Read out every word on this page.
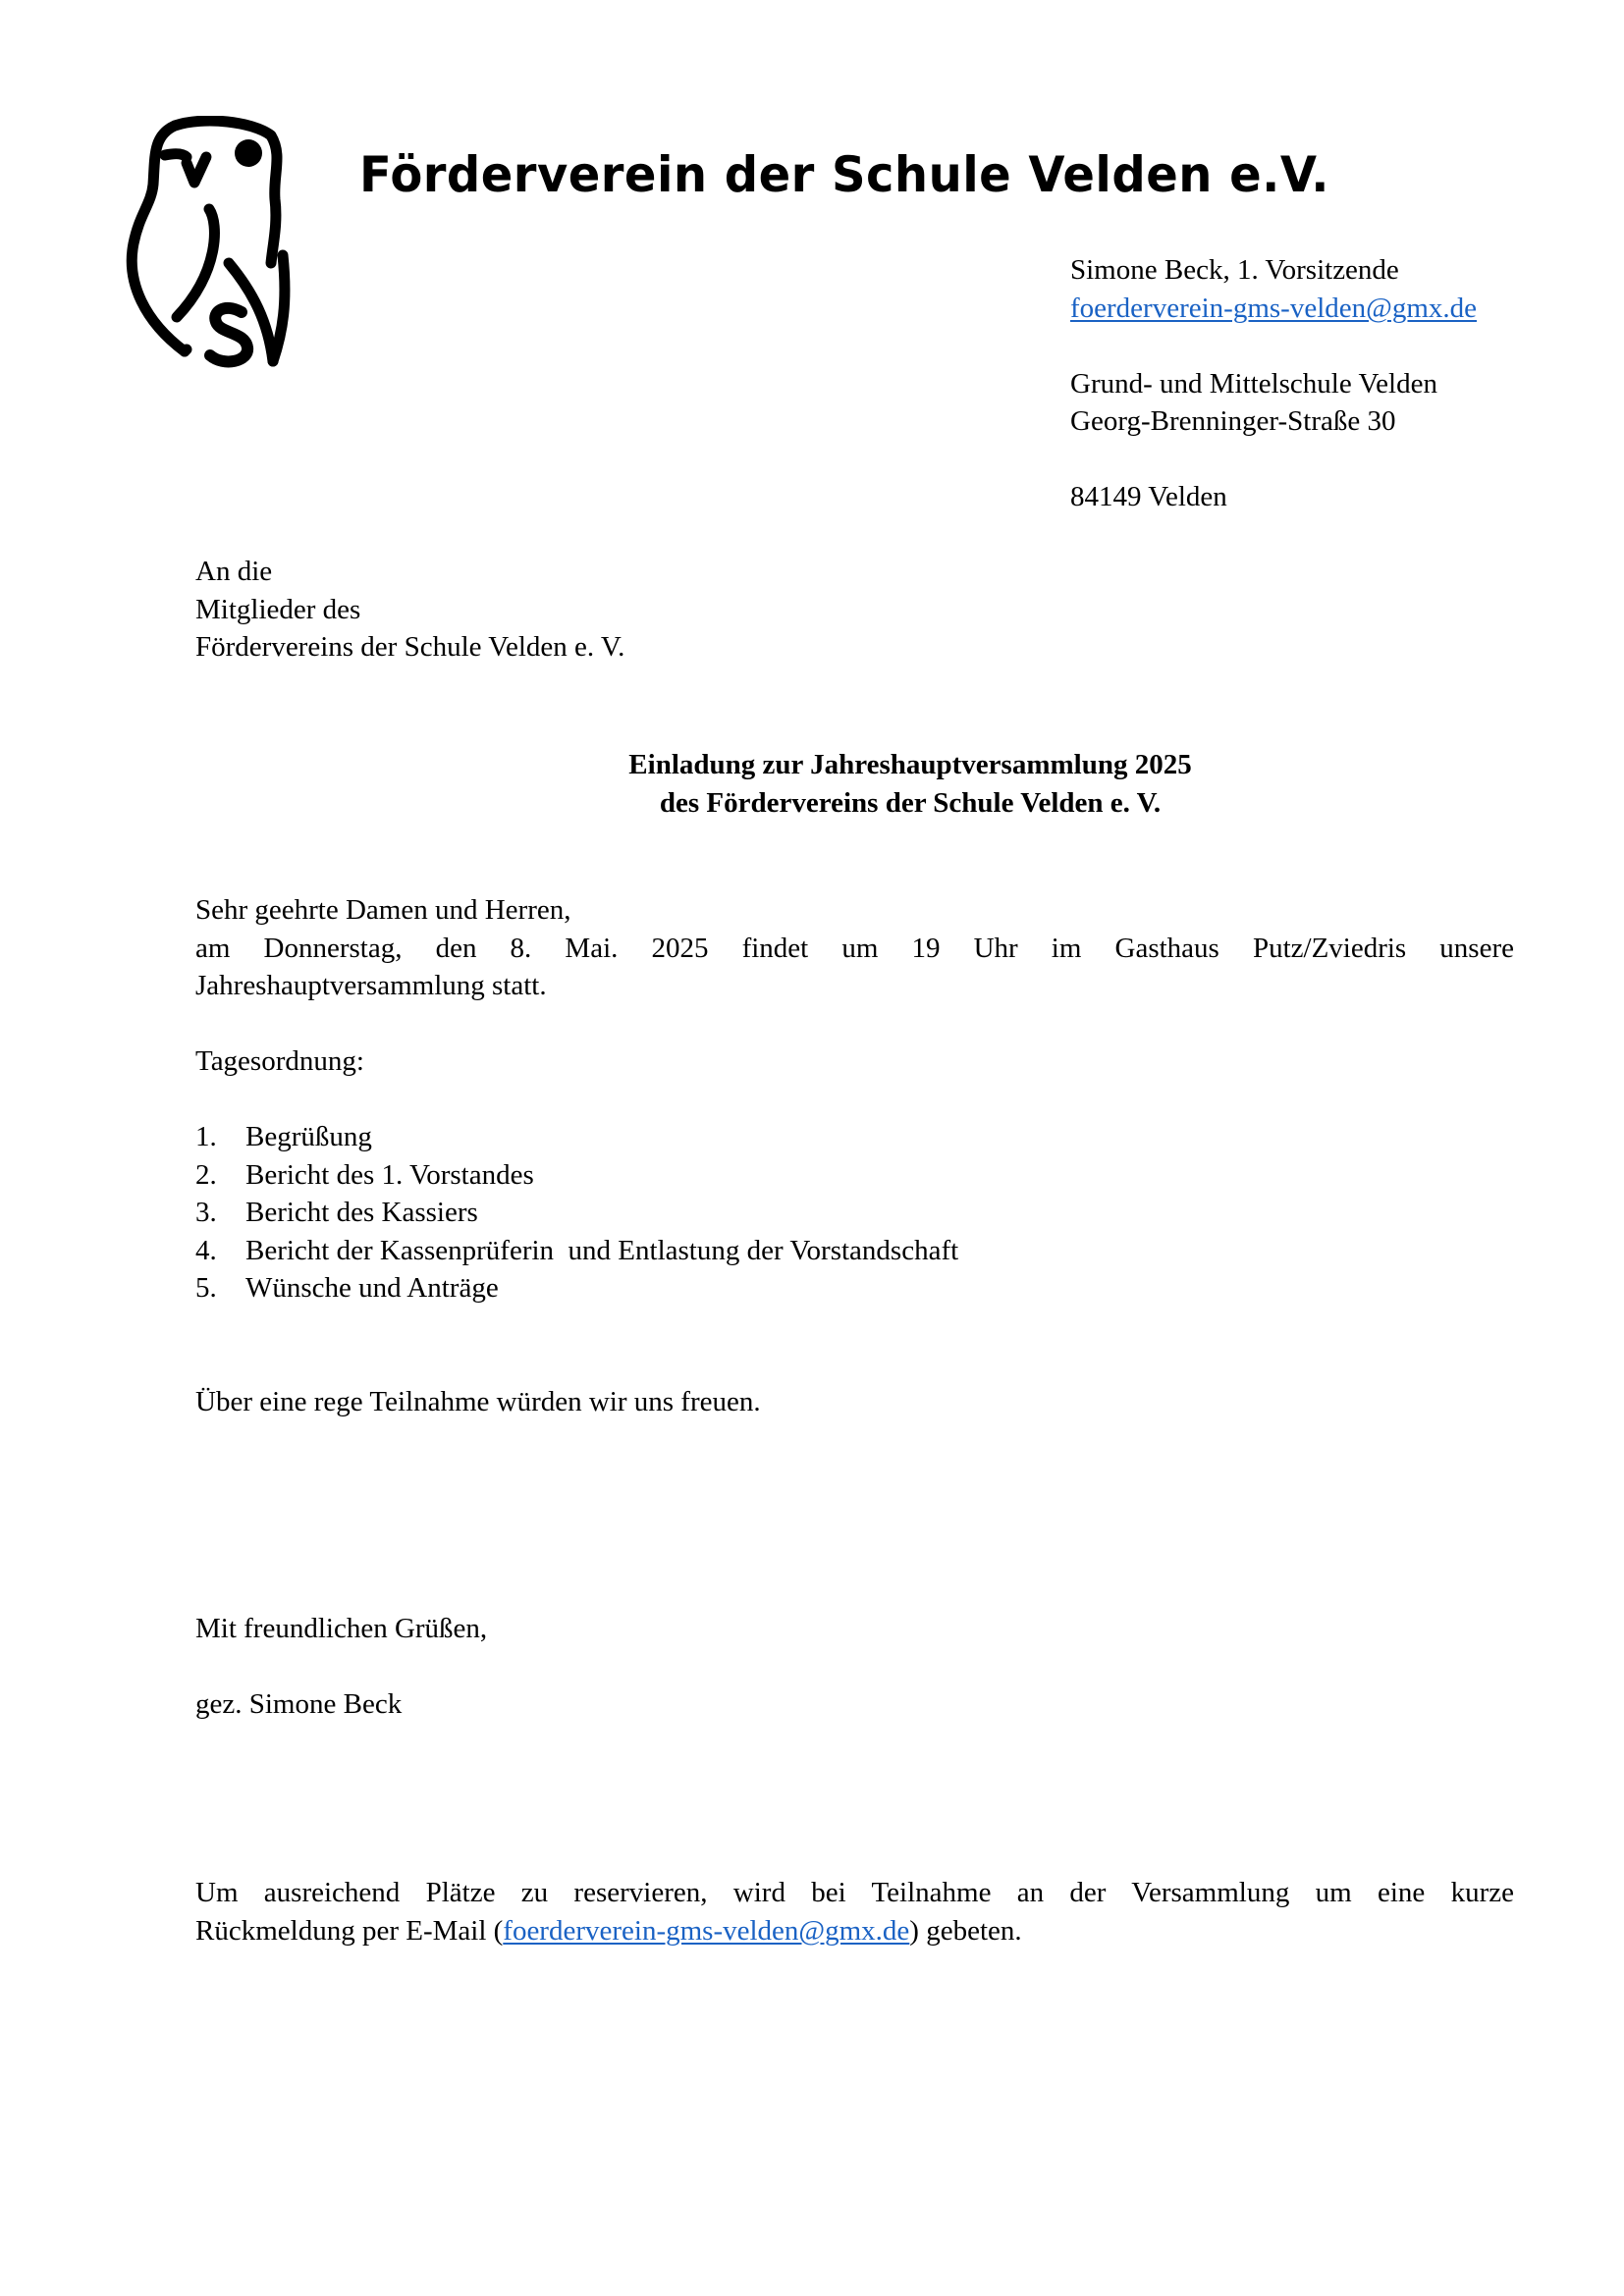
Förderverein der Schule Velden e.V.
Simone Beck, 1. Vorsitzende
foerderverein-gms-velden@gmx.de

Grund- und Mittelschule Velden
Georg-Brenninger-Straße 30

84149 Velden
An die
Mitglieder des
Fördervereins der Schule Velden e. V.
Einladung zur Jahreshauptversammlung 2025
des Fördervereins der Schule Velden e. V.
Sehr geehrte Damen und Herren,
am Donnerstag, den 8. Mai. 2025 findet um 19 Uhr im Gasthaus Putz/Zviedris unsere
Jahreshauptversammlung statt.

Tagesordnung:

1.	Begrüßung
2.	Bericht des 1. Vorstandes
3.	Bericht des Kassiers
4.	Bericht der Kassenprüferin  und Entlastung der Vorstandschaft
5.	Wünsche und Anträge

Über eine rege Teilnahme würden wir uns freuen.

Mit freundlichen Grüßen,

gez. Simone Beck

Um ausreichend Plätze zu reservieren, wird bei Teilnahme an der Versammlung um eine kurze
Rückmeldung per E-Mail (foerderverein-gms-velden@gmx.de) gebeten.
